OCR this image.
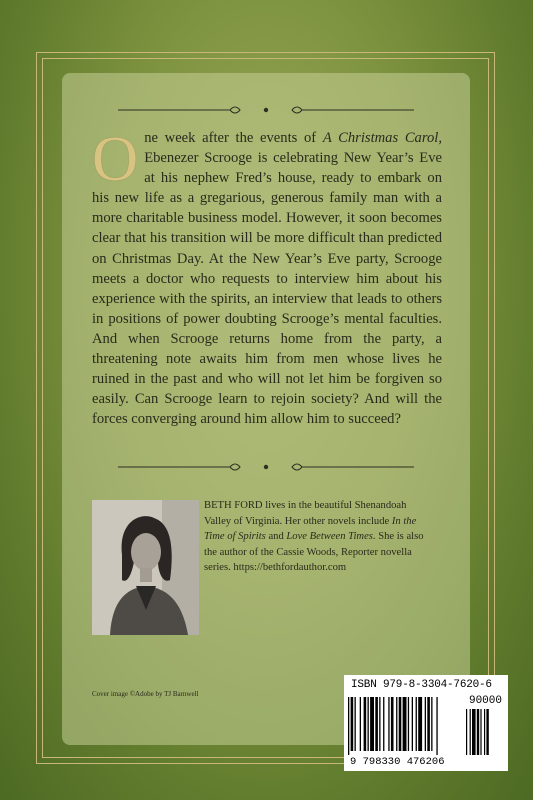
One week after the events of A Christmas Carol, Ebenezer Scrooge is celebrating New Year’s Eve at his nephew Fred’s house, ready to embark on his new life as a gregarious, generous family man with a more charitable business model. However, it soon becomes clear that his transition will be more difficult than predicted on Christmas Day. At the New Year’s Eve party, Scrooge meets a doctor who requests to interview him about his experience with the spirits, an interview that leads to others in positions of power doubting Scrooge’s mental faculties. And when Scrooge returns home from the party, a threatening note awaits him from men whose lives he ruined in the past and who will not let him be forgiven so easily. Can Scrooge learn to rejoin society? And will the forces converging around him allow him to succeed?
BETH FORD lives in the beautiful Shenandoah Valley of Virginia. Her other novels include In the Time of Spirits and Love Between Times. She is also the author of the Cassie Woods, Reporter novella series. https://bethfordauthor.com
Cover image ©Adobe by TJ Barnwell
ISBN 979-8-3304-7620-6
9 798330 476206
90000
